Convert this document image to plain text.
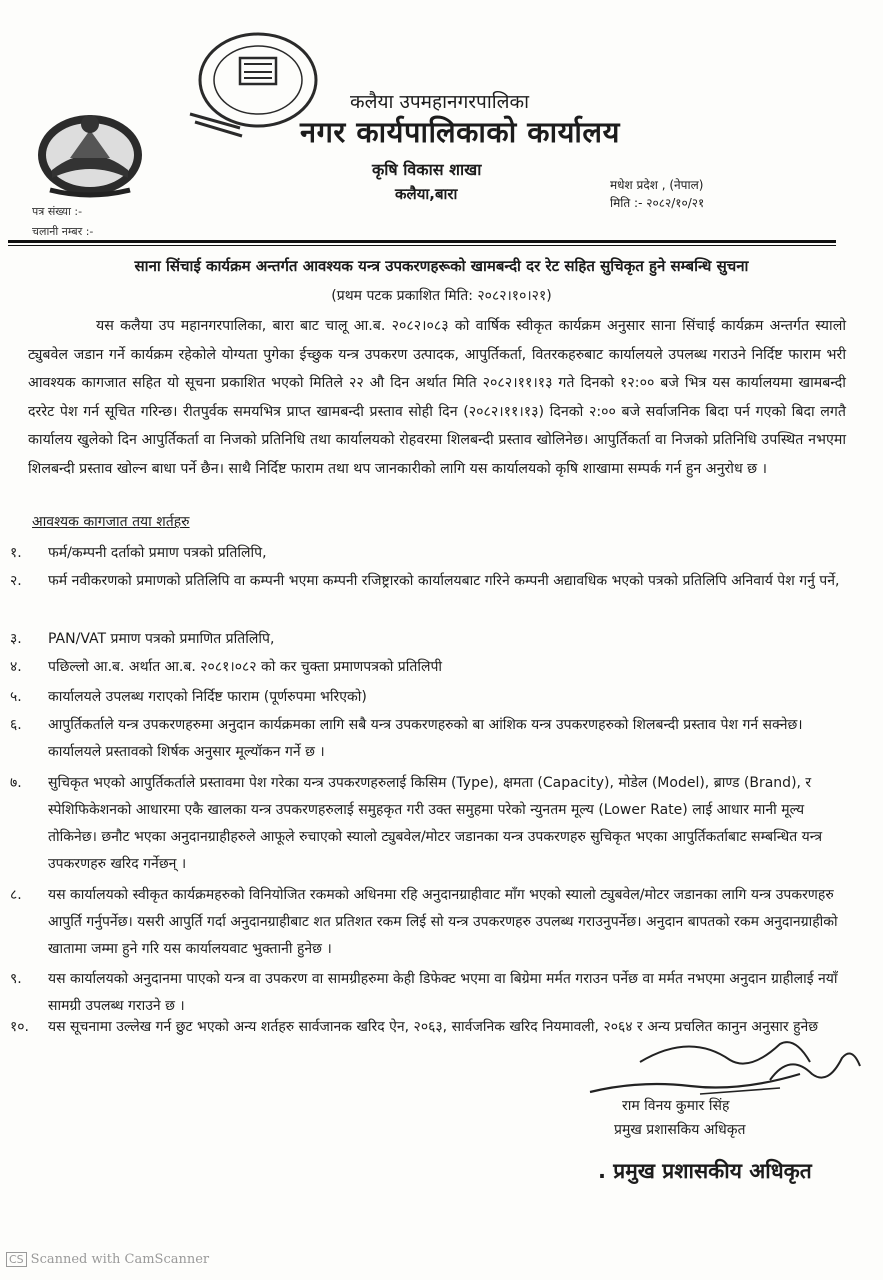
कलैया उपमहानगरपालिका
नगर कार्यपालिकाको कार्यालय
कृषि विकास शाखा
कलैया,बारा	मधेश प्रदेश , (नेपाल)
मिति :- २०८२/१०/२१
पत्र संख्या :-
चलानी नम्बर :-
साना सिंचाई कार्यक्रम अन्तर्गत आवश्यक यन्त्र उपकरणहरूको खामबन्दी दर रेट सहित सुचिकृत हुने सम्बन्धि सुचना
(प्रथम पटक प्रकाशित मिति: २०८२।१०।२१)
यस कलैया उप महानगरपालिका, बारा बाट चालू आ.ब. २०८२।०८३ को वार्षिक स्वीकृत कार्यक्रम अनुसार साना सिंचाई कार्यक्रम अन्तर्गत स्यालो ट्युबवेल जडान गर्ने कार्यक्रम रहेकोले योग्यता पुगेका ईच्छुक यन्त्र उपकरण उत्पादक, आपुर्तिकर्ता, वितरकहरुबाट कार्यालयले उपलब्ध गराउने निर्दिष्ट फाराम भरी आवश्यक कागजात सहित यो सूचना प्रकाशित भएको मितिले २२ औ दिन अर्थात मिति २०८२।११।१३ गते दिनको १२:०० बजे भित्र यस कार्यालयमा खामबन्दी दररेट पेश गर्न सूचित गरिन्छ। रीतपुर्वक समयभित्र प्राप्त खामबन्दी प्रस्ताव सोही दिन (२०८२।११।१३) दिनको २:०० बजे सर्वाजनिक बिदा पर्न गएको बिदा लगतै कार्यालय खुलेको दिन आपुर्तिकर्ता वा निजको प्रतिनिधि तथा कार्यालयको रोहवरमा शिलबन्दी प्रस्ताव खोलिनेछ। आपुर्तिकर्ता वा निजको प्रतिनिधि उपस्थित नभएमा शिलबन्दी प्रस्ताव खोल्न बाधा पर्ने छैन। साथै निर्दिष्ट फाराम तथा थप जानकारीको लागि यस कार्यालयको कृषि शाखामा सम्पर्क गर्न हुन अनुरोध छ ।
आवश्यक कागजात तया शर्तहरु
१.	फर्म/कम्पनी दर्ताको प्रमाण पत्रको प्रतिलिपि,
२.	फर्म नवीकरणको प्रमाणको प्रतिलिपि वा कम्पनी भएमा कम्पनी रजिष्ट्रारको कार्यालयबाट गरिने कम्पनी अद्यावधिक भएको पत्रको प्रतिलिपि अनिवार्य पेश गर्नु पर्ने,
३.	PAN/VAT प्रमाण पत्रको प्रमाणित प्रतिलिपि,
४.	पछिल्लो आ.ब. अर्थात आ.ब. २०८१।०८२ को कर चुक्ता प्रमाणपत्रको प्रतिलिपी
५.	कार्यालयले उपलब्ध गराएको निर्दिष्ट फाराम (पूर्णरुपमा भरिएको)
६.	आपुर्तिकर्ताले यन्त्र उपकरणहरुमा अनुदान कार्यक्रमका लागि सबै यन्त्र उपकरणहरुको बा आंशिक यन्त्र उपकरणहरुको शिलबन्दी प्रस्ताव पेश गर्न सक्नेछ। कार्यालयले प्रस्तावको शिर्षक अनुसार मूल्यॉकन गर्ने छ ।
७.	सुचिकृत भएको आपुर्तिकर्ताले प्रस्तावमा पेश गरेका यन्त्र उपकरणहरुलाई किसिम (Type), क्षमता (Capacity), मोडेल (Model), ब्राण्ड (Brand), र स्पेशिफिकेशनको आधारमा एकै खालका यन्त्र उपकरणहरुलाई समुहकृत गरी उक्त समुहमा परेको न्युनतम मूल्य (Lower Rate) लाई आधार मानी मूल्य तोकिनेछ। छनौट भएका अनुदानग्राहीहरुले आफूले रुचाएको स्यालो ट्युबवेल/मोटर जडानका यन्त्र उपकरणहरु सुचिकृत भएका आपुर्तिकर्ताबाट सम्बन्धित यन्त्र उपकरणहरु खरिद गर्नेछन् ।
८.	यस कार्यालयको स्वीकृत कार्यक्रमहरुको विनियोजित रकमको अधिनमा रहि अनुदानग्राहीवाट माँग भएको स्यालो ट्युबवेल/मोटर जडानका लागि यन्त्र उपकरणहरु आपुर्ति गर्नुपर्नेछ। यसरी आपुर्ति गर्दा अनुदानग्राहीबाट शत प्रतिशत रकम लिई सो यन्त्र उपकरणहरु उपलब्ध गराउनुपर्नेछ। अनुदान बापतको रकम अनुदानग्राहीको खातामा जम्मा हुने गरि यस कार्यालयवाट भुक्तानी हुनेछ ।
९.	यस कार्यालयको अनुदानमा पाएको यन्त्र वा उपकरण वा सामग्रीहरुमा केही डिफेक्ट भएमा वा बिग्रेमा मर्मत गराउन पर्नेछ वा मर्मत नभएमा अनुदान ग्राहीलाई नयाँ सामग्री उपलब्ध गराउने छ ।
१०.	यस सूचनामा उल्लेख गर्न छुट भएको अन्य शर्तहरु सार्वजानक खरिद ऐन, २०६३, सार्वजनिक खरिद नियमावली, २०६४ र अन्य प्रचलित कानुन अनुसार हुनेछ
राम विनय कुमार सिंह
प्रमुख प्रशासकिय अधिकृत
. प्रमुख प्रशासकीय अधिकृत
CS Scanned with CamScanner
